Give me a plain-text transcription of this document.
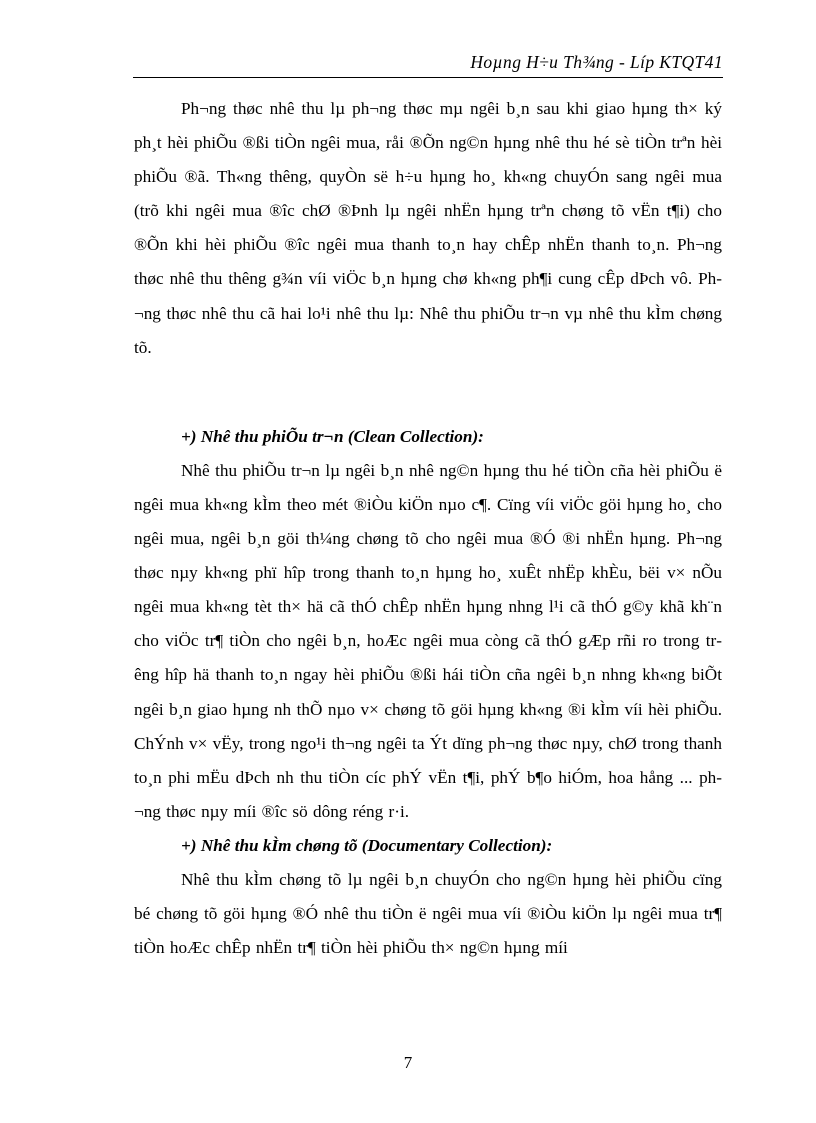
Hoµng H÷u Th¾ng - Líp KTQT41

Ph¬ng thøc nhê thu lµ ph¬ng thøc mµ ngêi b¸n sau khi giao hµng th× ký ph¸t hèi phiÕu ®ßi tiÒn ngêi mua, råi ®Õn ng©n hµng nhê thu hé sè tiÒn trªn hèi phiÕu ®ã. Th«ng thêng, quyÒn së h÷u hµng ho¸ kh«ng chuyÓn sang ngêi mua (trõ khi ngêi mua ®îc chØ ®Þnh lµ ngêi nhËn hµng trªn chøng tõ vËn t¶i) cho ®Õn khi hèi phiÕu ®îc ngêi mua thanh to¸n hay chÊp nhËn thanh to¸n. Ph¬ng thøc nhê thu thêng g¾n víi viÖc b¸n hµng chø kh«ng ph¶i cung cÊp dÞch vô. Ph¬ng thøc nhê thu cã hai lo¹i nhê thu lµ: Nhê thu phiÕu tr¬n vµ nhê thu kÌm chøng tõ.

+) Nhê thu phiÕu tr¬n (Clean Collection):

Nhê thu phiÕu tr¬n lµ ngêi b¸n nhê ng©n hµng thu hé tiÒn cña hèi phiÕu ë ngêi mua kh«ng kÌm theo mét ®iÒu kiÖn nµo c¶. Cïng víi viÖc göi hµng ho¸ cho ngêi mua, ngêi b¸n göi th¼ng chøng tõ cho ngêi mua ®Ó ®i nhËn hµng. Ph¬ng thøc nµy kh«ng phï hîp trong thanh to¸n hµng ho¸ xuÊt nhËp khÈu, bëi v× nÕu ngêi mua kh«ng tèt th× hä cã thÓ chÊp nhËn hµng nhng l¹i cã thÓ g©y khã kh¨n cho viÖc tr¶ tiÒn cho ngêi b¸n, hoÆc ngêi mua còng cã thÓ gÆp rñi ro trong trêng hîp hä thanh to¸n ngay hèi phiÕu ®ßi hái tiÒn cña ngêi b¸n nhng kh«ng biÕt ngêi b¸n giao hµng nh thÕ nµo v× chøng tõ göi hµng kh«ng ®i kÌm víi hèi phiÕu. ChÝnh v× vËy, trong ngo¹i th¬ng ngêi ta Ýt dïng ph¬ng thøc nµy, chØ trong thanh to¸n phi mËu dÞch nh thu tiÒn cíc phÝ vËn t¶i, phÝ b¶o hiÓm, hoa hång ... ph¬ng thøc nµy míi ®îc sö dông réng r·i.

+) Nhê thu kÌm chøng tõ (Documentary Collection):

Nhê thu kÌm chøng tõ lµ ngêi b¸n chuyÓn cho ng©n hµng hèi phiÕu cïng bé chøng tõ göi hµng ®Ó nhê thu tiÒn ë ngêi mua víi ®iÒu kiÖn lµ ngêi mua tr¶ tiÒn hoÆc chÊp nhËn tr¶ tiÒn hèi phiÕu th× ng©n hµng míi

7
